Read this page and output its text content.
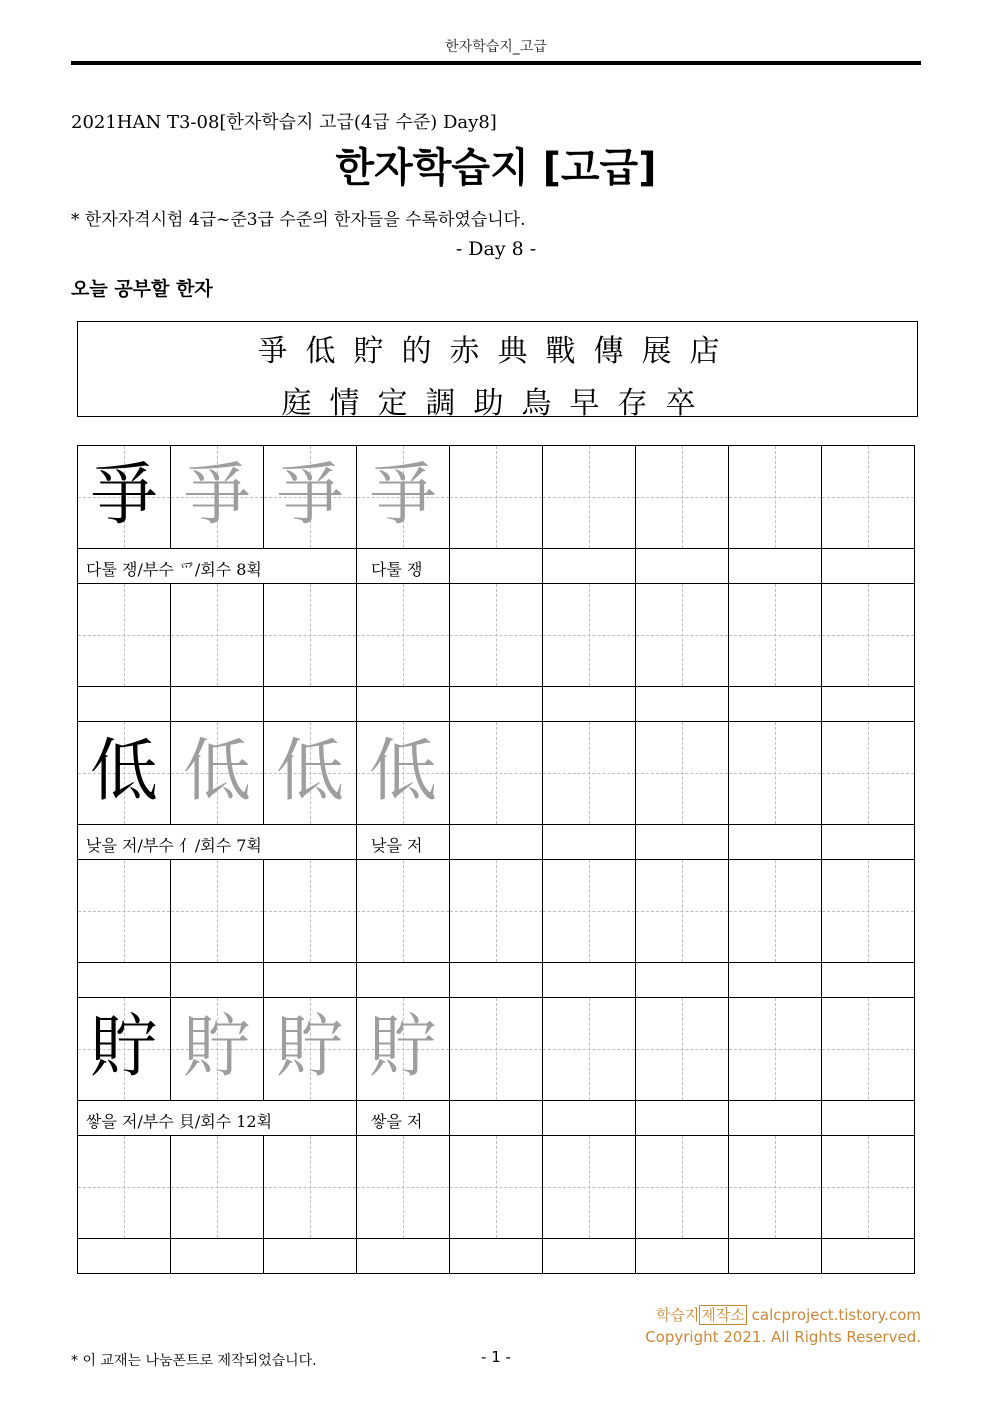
한자학습지_고급
2021HAN T3-08[한자학습지 고급(4급 수준) Day8]
한자학습지 [고급]
* 한자자격시험 4급~준3급 수준의 한자들을 수록하였습니다.
- Day 8 -
오늘 공부할 한자
爭低貯的赤典戰傳展店
庭情定調助鳥早存卒
爭	爭	爭	爭					

다툴 쟁/부수 爫/회수 8획			다툴 쟁					

低	低	低	低					

낮을 저/부수 亻/회수 7획			낮을 저					

貯	貯	貯	貯					

쌓을 저/부수 貝/회수 12획			쌓을 저					

학습지 제작소 calcproject.tistory.com
Copyright 2021. All Rights Reserved.
* 이 교재는 나눔폰트로 제작되었습니다.	- 1 -
